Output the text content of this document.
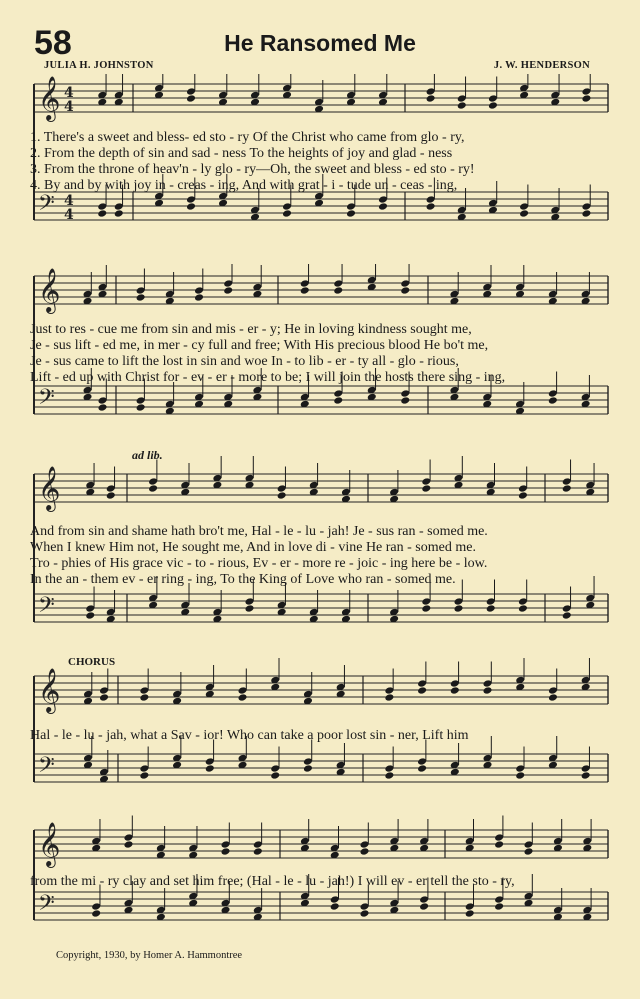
58	He Ransomed Me
JULIA H. JOHNSTON	J. W. HENDERSON
𝄞 4
4
𝄢 4
4
1. There's a sweet and bless- ed sto - ry Of the Christ who came from glo - ry,
2. From the depth of sin and sad - ness To the heights of joy and glad - ness
3. From the throne of heav'n - ly glo - ry—Oh, the sweet and bless - ed sto - ry!
4. By and by with joy in - creas - ing, And with grat - i - tude un - ceas - ing,
𝄞
𝄢
Just to res - cue me from sin and mis - er - y; He in loving kindness sought me,
Je - sus lift - ed me, in mer - cy full and free; With His precious blood He bo't me,
Je - sus came to lift the lost in sin and woe In - to lib - er - ty all - glo - rious,
Lift - ed up with Christ for - ev - er - more to be; I will join the hosts there sing - ing,
ad lib.
𝄞
𝄢
And from sin and shame hath bro't me, Hal - le - lu - jah! Je - sus ran - somed me.
When I knew Him not, He sought me, And in love di - vine He ran - somed me.
Tro - phies of His grace vic - to - rious, Ev - er - more re - joic - ing here be - low.
In the an - them ev - er ring - ing, To the King of Love who ran - somed me.
CHORUS
𝄞
𝄢
Hal - le - lu - jah, what a Sav - ior! Who can take a poor lost sin - ner, Lift him
𝄞
𝄢
from the mi - ry clay and set him free; (Hal - le - lu - jah!) I will ev - er tell the sto - ry,
Copyright, 1930, by Homer A. Hammontree
